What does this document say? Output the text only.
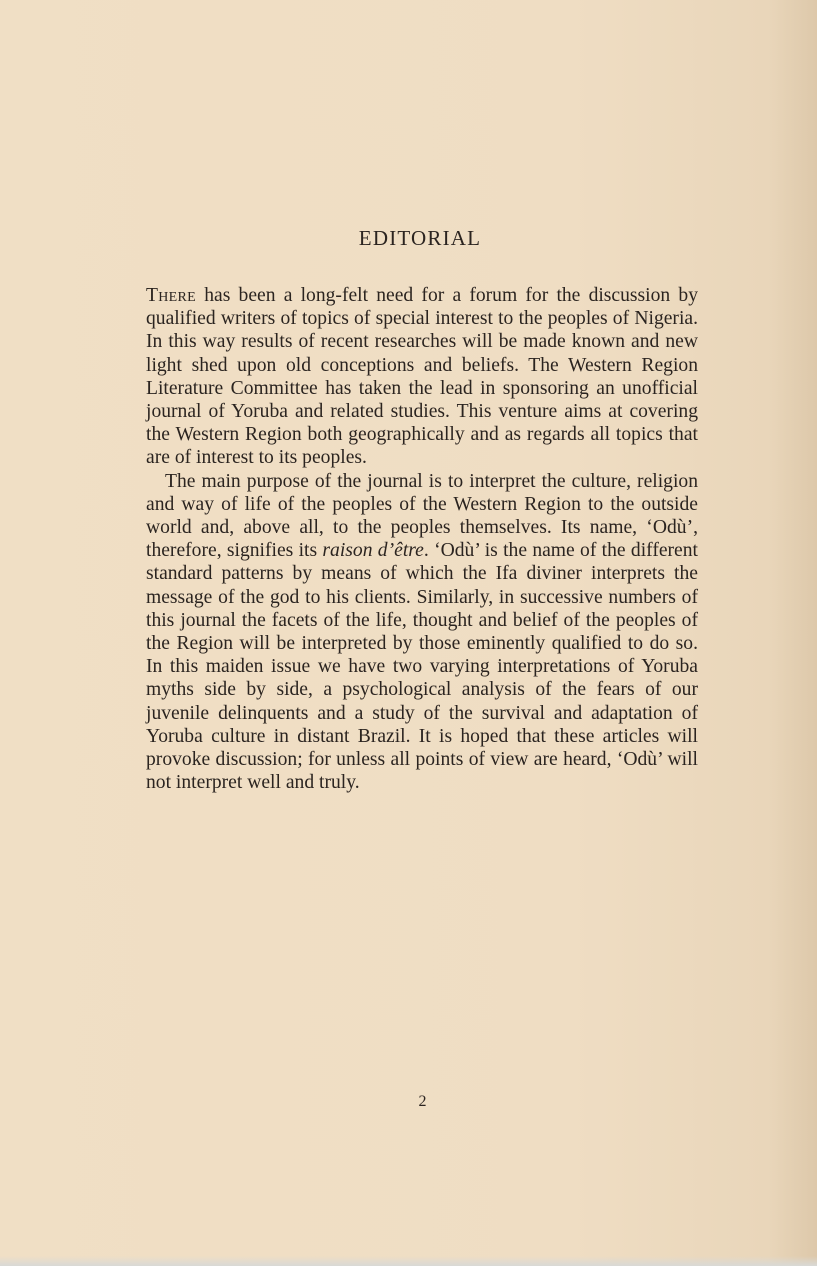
EDITORIAL

There has been a long-felt need for a forum for the discussion by qualified writers of topics of special interest to the peoples of Nigeria. In this way results of recent researches will be made known and new light shed upon old conceptions and beliefs. The Western Region Literature Committee has taken the lead in sponsoring an unofficial journal of Yoruba and related studies. This venture aims at covering the Western Region both geographically and as regards all topics that are of interest to its peoples.

The main purpose of the journal is to interpret the culture, religion and way of life of the peoples of the Western Region to the outside world and, above all, to the peoples themselves. Its name, ‘Odù’, therefore, signifies its raison d’être. ‘Odù’ is the name of the different standard patterns by means of which the Ifa diviner interprets the message of the god to his clients. Similarly, in successive numbers of this journal the facets of the life, thought and belief of the peoples of the Region will be interpreted by those eminently qualified to do so. In this maiden issue we have two varying interpretations of Yoruba myths side by side, a psychological analysis of the fears of our juvenile delinquents and a study of the survival and adaptation of Yoruba culture in distant Brazil. It is hoped that these articles will provoke discussion; for unless all points of view are heard, ‘Odù’ will not interpret well and truly.

2
